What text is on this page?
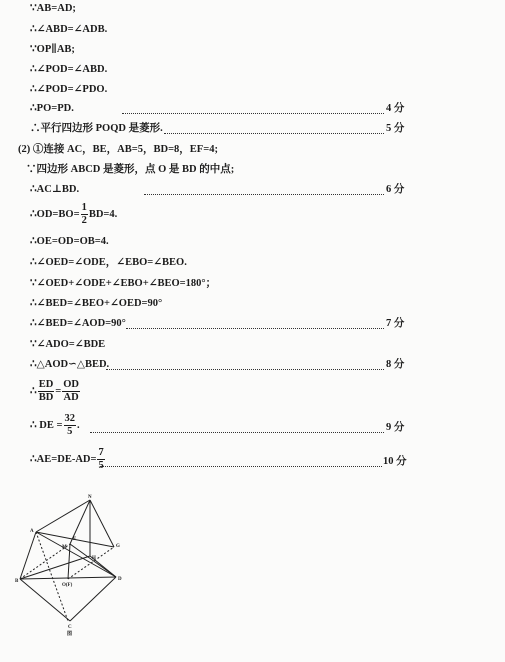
∵AB=AD;
∴∠ABD=∠ADB.
∵OP∥AB;
∴∠POD=∠ABD.
∴∠POD=∠PDO.
∴PO=PD.	4 分
∴平行四边形 POQD 是菱形.	5 分
(2) ①连接 AC，BE，AB=5，BD=8，EF=4;
∵四边形 ABCD 是菱形，点 O 是 BD 的中点;
∴AC⊥BD.	6 分
∴OD=BO= $\frac{1}{2} BD=4$.
∴OE=OD=OB=4.
∴∠OED=∠ODE，∠EBO=∠BEO.
∵∠OED+∠ODE+∠EBO+∠BEO=180°；
∴∠BED=∠BEO+∠OED=90°
∴∠BED=∠AOD=90°	7 分
∵∠ADO=∠BDE
∴△AOD∽△BED.	8 分
∴ $\frac{ED}{BD} = \frac{OD}{AD}$
∴ DE = $\frac{32}{5}$ .	9 分
∴AE=DE-AD= $\frac{7}{5}$	10 分
N
A
B	D
E
G
H
M
O(F)
C
图
